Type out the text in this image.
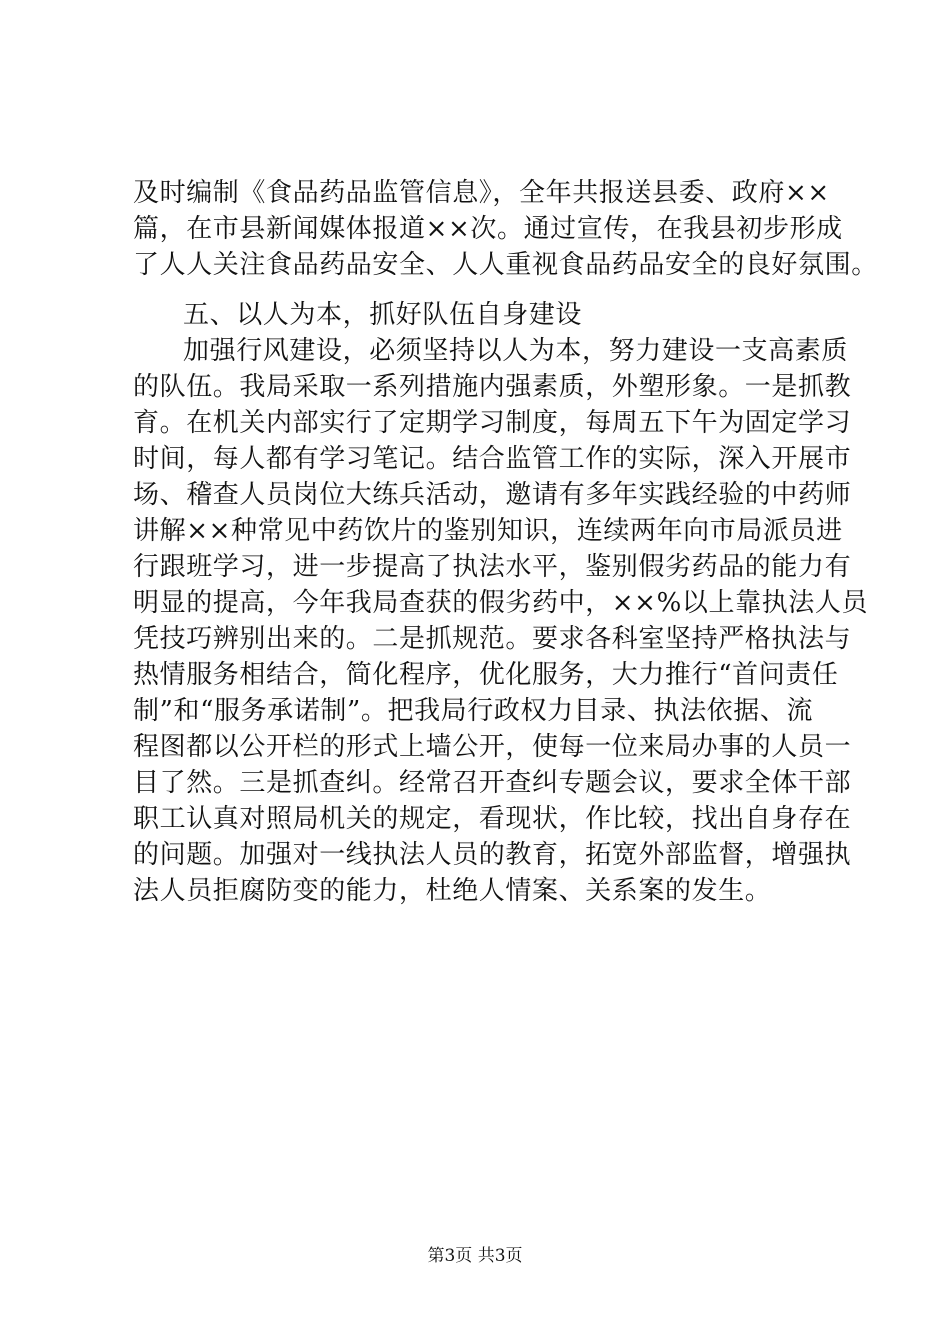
及时编制《食品药品监管信息》，全年共报送县委、政府××
篇，在市县新闻媒体报道××次。通过宣传，在我县初步形成
了人人关注食品药品安全、人人重视食品药品安全的良好氛围。
五、以人为本，抓好队伍自身建设
加强行风建设，必须坚持以人为本，努力建设一支高素质
的队伍。我局采取一系列措施内强素质，外塑形象。一是抓教
育。在机关内部实行了定期学习制度，每周五下午为固定学习
时间，每人都有学习笔记。结合监管工作的实际，深入开展市
场、稽查人员岗位大练兵活动，邀请有多年实践经验的中药师
讲解××种常见中药饮片的鉴别知识，连续两年向市局派员进
行跟班学习，进一步提高了执法水平，鉴别假劣药品的能力有
明显的提高，今年我局查获的假劣药中，××%以上靠执法人员
凭技巧辨别出来的。二是抓规范。要求各科室坚持严格执法与
热情服务相结合，简化程序，优化服务，大力推行“首问责任
制”和“服务承诺制”。把我局行政权力目录、执法依据、流
程图都以公开栏的形式上墙公开，使每一位来局办事的人员一
目了然。三是抓查纠。经常召开查纠专题会议，要求全体干部
职工认真对照局机关的规定，看现状，作比较，找出自身存在
的问题。加强对一线执法人员的教育，拓宽外部监督，增强执
法人员拒腐防变的能力，杜绝人情案、关系案的发生。
第3页 共3页
